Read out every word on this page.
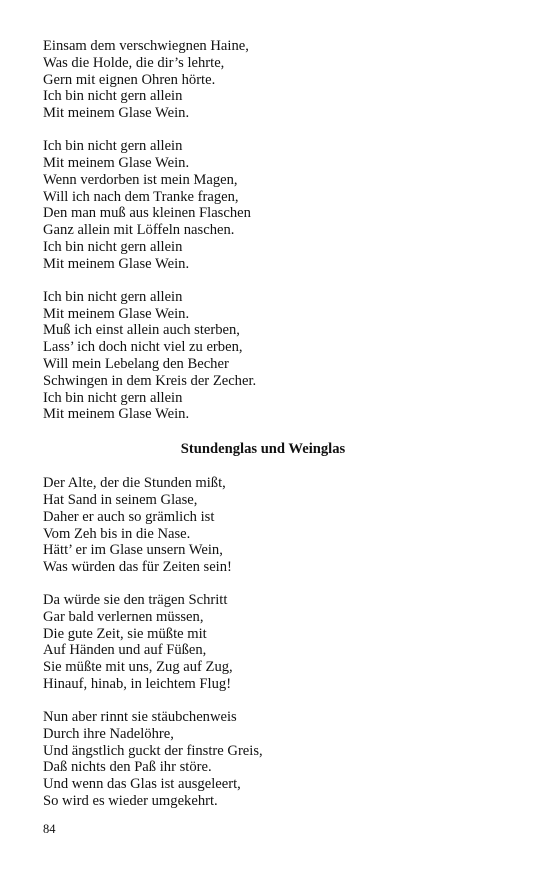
Einsam dem verschwiegnen Haine,
Was die Holde, die dir’s lehrte,
Gern mit eignen Ohren hörte.
Ich bin nicht gern allein
Mit meinem Glase Wein.
Ich bin nicht gern allein
Mit meinem Glase Wein.
Wenn verdorben ist mein Magen,
Will ich nach dem Tranke fragen,
Den man muß aus kleinen Flaschen
Ganz allein mit Löffeln naschen.
Ich bin nicht gern allein
Mit meinem Glase Wein.
Ich bin nicht gern allein
Mit meinem Glase Wein.
Muß ich einst allein auch sterben,
Lass’ ich doch nicht viel zu erben,
Will mein Lebelang den Becher
Schwingen in dem Kreis der Zecher.
Ich bin nicht gern allein
Mit meinem Glase Wein.
Stundenglas und Weinglas
Der Alte, der die Stunden mißt,
Hat Sand in seinem Glase,
Daher er auch so grämlich ist
Vom Zeh bis in die Nase.
Hätt’ er im Glase unsern Wein,
Was würden das für Zeiten sein!
Da würde sie den trägen Schritt
Gar bald verlernen müssen,
Die gute Zeit, sie müßte mit
Auf Händen und auf Füßen,
Sie müßte mit uns, Zug auf Zug,
Hinauf, hinab, in leichtem Flug!
Nun aber rinnt sie stäubchenweis
Durch ihre Nadelöhre,
Und ängstlich guckt der finstre Greis,
Daß nichts den Paß ihr störe.
Und wenn das Glas ist ausgeleert,
So wird es wieder umgekehrt.
84
